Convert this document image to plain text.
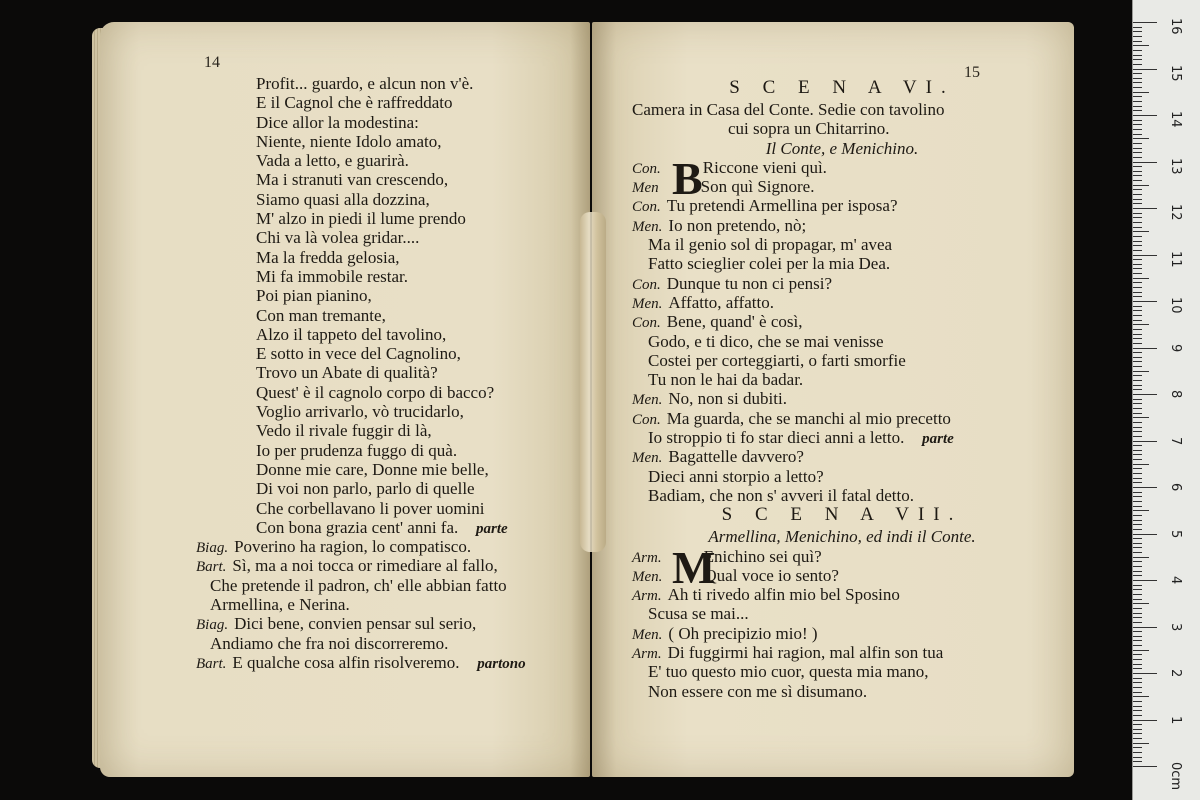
14
Profit... guardo, e alcun non v'è.
E il Cagnol che è raffreddato
Dice allor la modestina:
Niente, niente Idolo amato,
Vada a letto, e guarirà.
Ma i stranuti van crescendo,
Siamo quasi alla dozzina,
M' alzo in piedi il lume prendo
Chi va là volea gridar....
Ma la fredda gelosia,
Mi fa immobile restar.
Poi pian pianino,
Con man tremante,
Alzo il tappeto del tavolino,
E sotto in vece del Cagnolino,
Trovo un Abate di qualità?
Quest' è il cagnolo corpo di bacco?
Voglio arrivarlo, vò trucidarlo,
Vedo il rivale fuggir di là,
Io per prudenza fuggo di quà.
Donne mie care, Donne mie belle,
Di voi non parlo, parlo di quelle
Che corbellavano li pover uomini
Con bona grazia cent' anni fa. parte
Biag. Poverino ha ragion, lo compatisco.
Bart. Sì, ma a noi tocca or rimediare al fallo,
Che pretende il padron, ch' elle abbian fatto
Armellina, e Nerina.
Biag. Dici bene, convien pensar sul serio,
Andiamo che fra noi discorreremo.
Bart. E qualche cosa alfin risolveremo. partono
15
S C E N A VI.
Camera in Casa del Conte. Sedie con tavolino
cui sopra un Chitarrino.
Il Conte, e Menichino.
Con. Riccone vieni quì.
B
Men Son quì Signore.
Con. Tu pretendi Armellina per isposa?
Men. Io non pretendo, nò;
Ma il genio sol di propagar, m' avea
Fatto scieglier colei per la mia Dea.
Con. Dunque tu non ci pensi?
Men. Affatto, affatto.
Con. Bene, quand' è così,
Godo, e ti dico, che se mai venisse
Costei per corteggiarti, o farti smorfie
Tu non le hai da badar.
Men. No, non si dubiti.
Con. Ma guarda, che se manchi al mio precetto
Io stroppio ti fo star dieci anni a letto. parte
Men. Bagattelle davvero?
Dieci anni storpio a letto?
Badiam, che non s' avveri il fatal detto.
S C E N A VII.
Armellina, Menichino, ed indi il Conte.
Arm. Enichino sei quì?
M
Men. Qual voce io sento?
Arm. Ah ti rivedo alfin mio bel Sposino
Scusa se mai...
Men. ( Oh precipizio mio! )
Arm. Di fuggirmi hai ragion, mal alfin son tua
E' tuo questo mio cuor, questa mia mano,
Non essere con me sì disumano.
16
15
14
13
12
11
10
9
8
7
6
5
4
3
2
1
0cm
